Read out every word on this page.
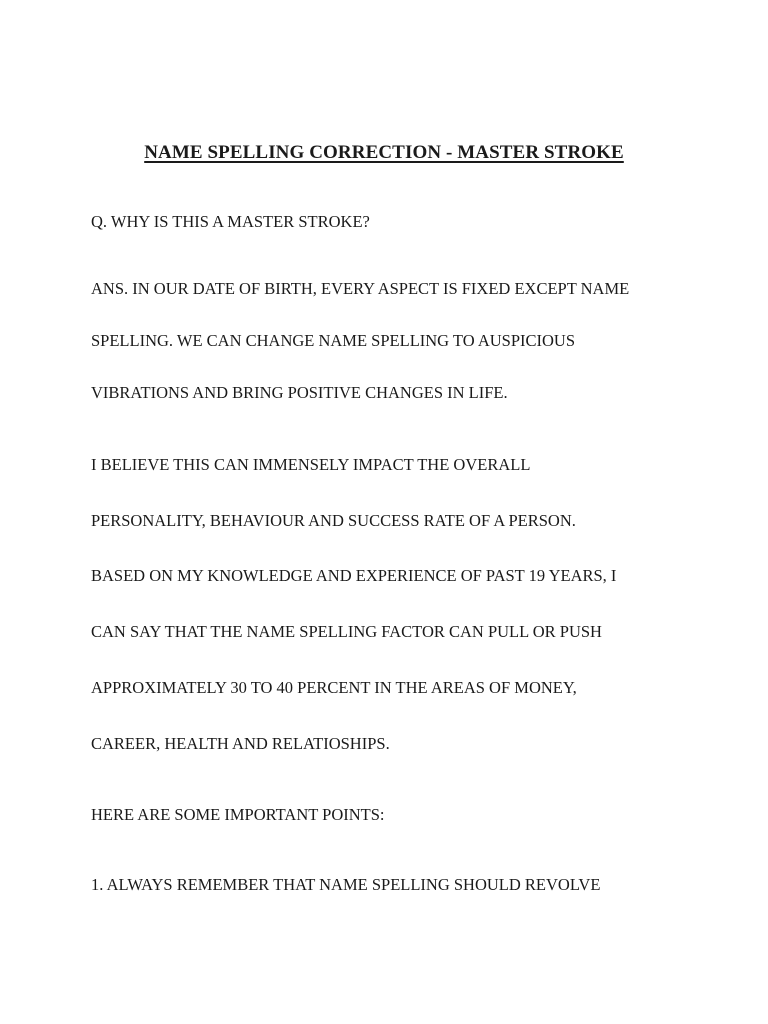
NAME SPELLING CORRECTION - MASTER STROKE
Q. WHY IS THIS A MASTER STROKE?
ANS. IN OUR DATE OF BIRTH, EVERY ASPECT IS FIXED EXCEPT NAME
SPELLING. WE CAN CHANGE NAME SPELLING TO AUSPICIOUS
VIBRATIONS AND BRING POSITIVE CHANGES IN LIFE.
I BELIEVE THIS CAN IMMENSELY IMPACT THE OVERALL
PERSONALITY, BEHAVIOUR AND SUCCESS RATE OF A PERSON.
BASED ON MY KNOWLEDGE AND EXPERIENCE OF PAST 19 YEARS, I
CAN SAY THAT THE NAME SPELLING FACTOR CAN PULL OR PUSH
APPROXIMATELY 30 TO 40 PERCENT IN THE AREAS OF MONEY,
CAREER, HEALTH AND RELATIOSHIPS.
HERE ARE SOME IMPORTANT POINTS:
1. ALWAYS REMEMBER THAT NAME SPELLING SHOULD REVOLVE
